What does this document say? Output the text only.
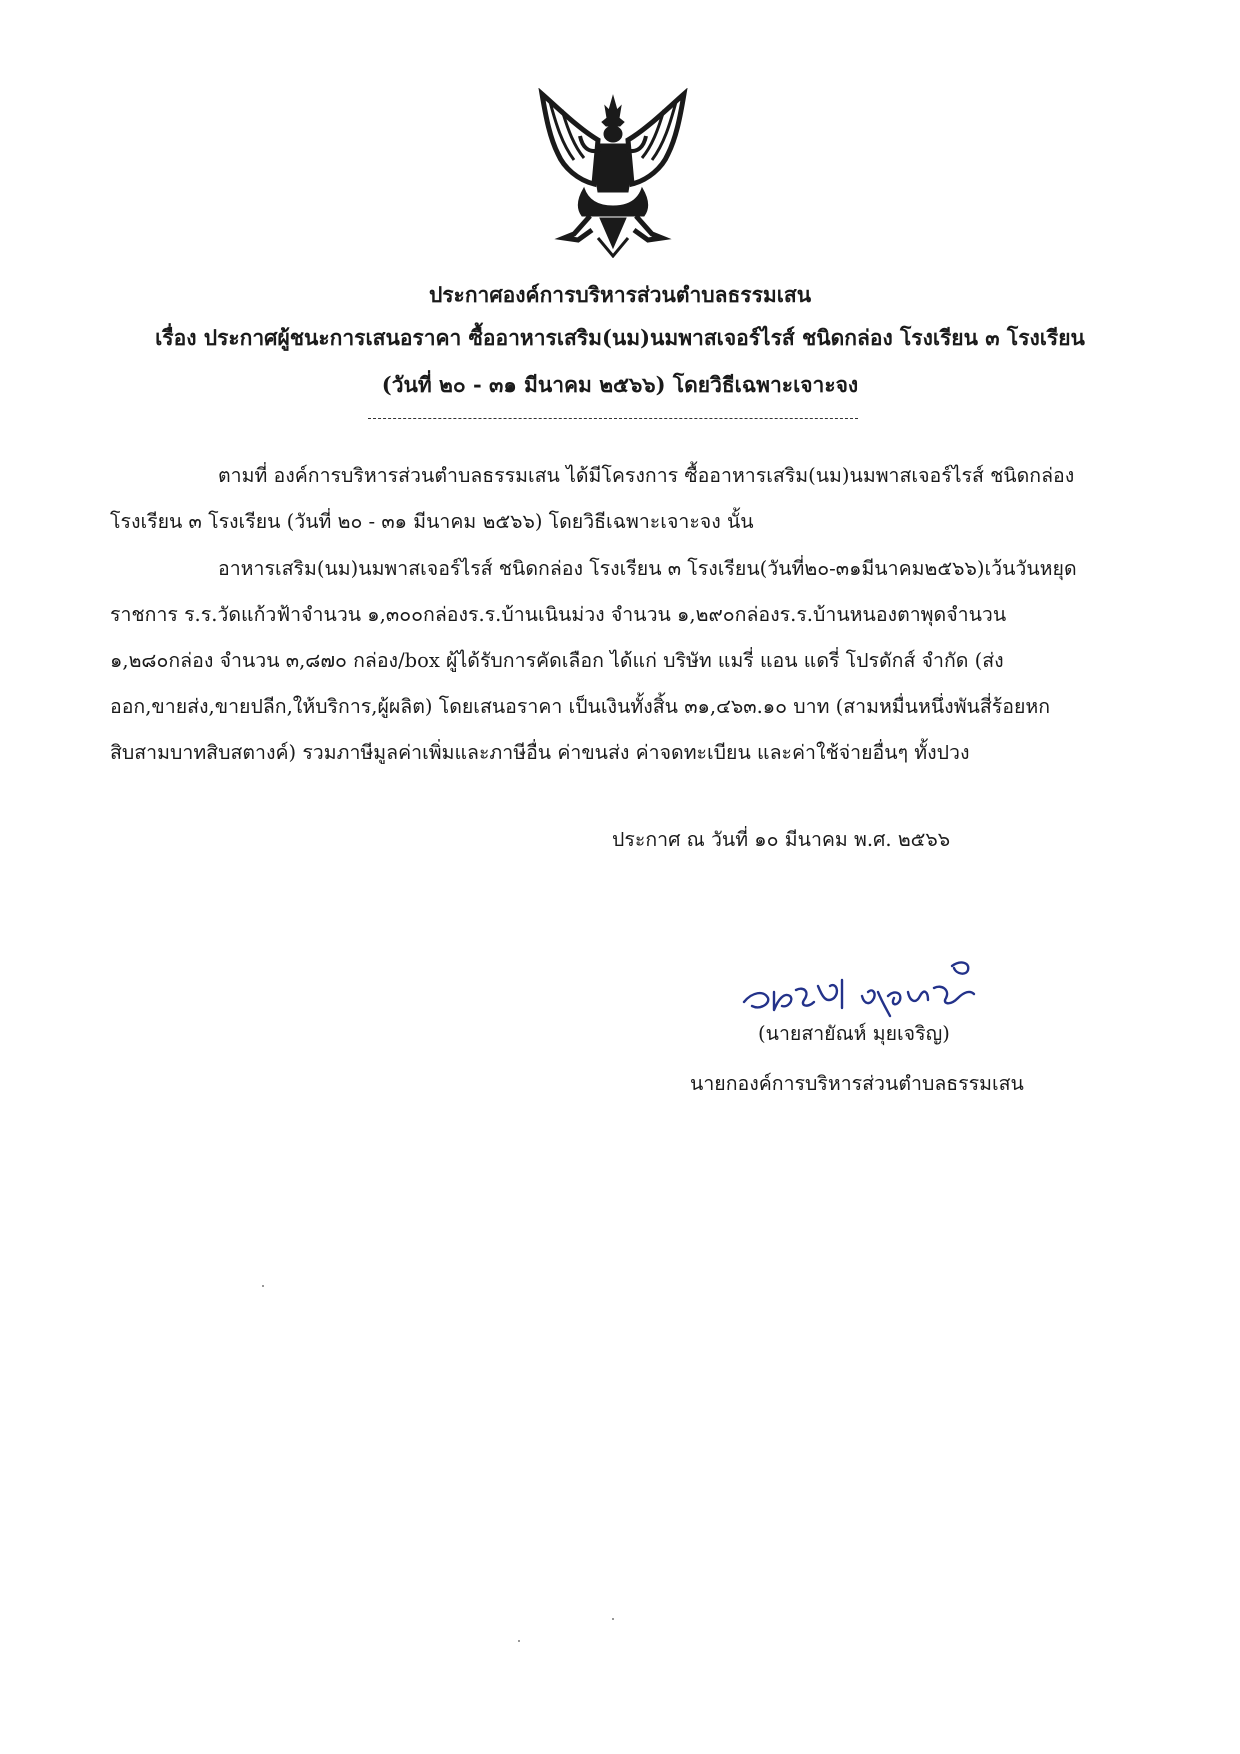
ประกาศองค์การบริหารส่วนตำบลธรรมเสน
เรื่อง ประกาศผู้ชนะการเสนอราคา ซื้ออาหารเสริม(นม)นมพาสเจอร์ไรส์ ชนิดกล่อง โรงเรียน ๓ โรงเรียน
(วันที่ ๒๐ - ๓๑ มีนาคม ๒๕๖๖) โดยวิธีเฉพาะเจาะจง
ตามที่ องค์การบริหารส่วนตำบลธรรมเสน ได้มีโครงการ ซื้ออาหารเสริม(นม)นมพาสเจอร์ไรส์ ชนิดกล่อง
โรงเรียน ๓ โรงเรียน (วันที่ ๒๐ - ๓๑ มีนาคม ๒๕๖๖) โดยวิธีเฉพาะเจาะจง นั้น
อาหารเสริม(นม)นมพาสเจอร์ไรส์ ชนิดกล่อง โรงเรียน ๓ โรงเรียน(วันที่๒๐-๓๑มีนาคม๒๕๖๖)เว้นวันหยุด
ราชการ ร.ร.วัดแก้วฟ้าจำนวน ๑,๓๐๐กล่องร.ร.บ้านเนินม่วง จำนวน ๑,๒๙๐กล่องร.ร.บ้านหนองตาพุดจำนวน
๑,๒๘๐กล่อง จำนวน ๓,๘๗๐ กล่อง/box ผู้ได้รับการคัดเลือก ได้แก่ บริษัท แมรี่ แอน แดรี่ โปรดักส์ จำกัด (ส่ง
ออก,ขายส่ง,ขายปลีก,ให้บริการ,ผู้ผลิต) โดยเสนอราคา เป็นเงินทั้งสิ้น ๓๑,๔๖๓.๑๐ บาท (สามหมื่นหนึ่งพันสี่ร้อยหก
สิบสามบาทสิบสตางค์) รวมภาษีมูลค่าเพิ่มและภาษีอื่น ค่าขนส่ง ค่าจดทะเบียน และค่าใช้จ่ายอื่นๆ ทั้งปวง
ประกาศ ณ วันที่ ๑๐ มีนาคม พ.ศ. ๒๕๖๖
(นายสายัณห์ มุยเจริญ)
นายกองค์การบริหารส่วนตำบลธรรมเสน
